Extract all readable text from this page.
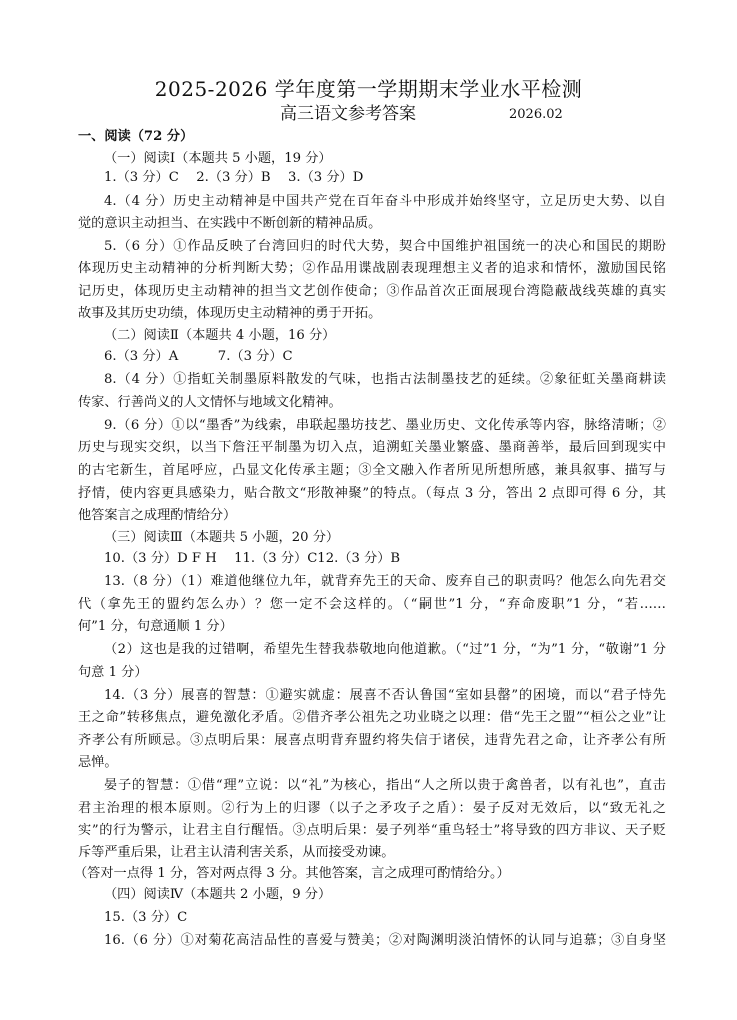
2025-2026 学年度第一学期期末学业水平检测
高三语文参考答案	2026.02
一、阅读（72 分）
（一）阅读Ⅰ（本题共 5 小题，19 分）
1.（3 分）C　 2.（3 分）B　 3.（3 分）D
4.（4 分）历史主动精神是中国共产党在百年奋斗中形成并始终坚守，立足历史大势、以自
觉的意识主动担当、在实践中不断创新的精神品质。
5.（6 分）①作品反映了台湾回归的时代大势，契合中国维护祖国统一的决心和国民的期盼
体现历史主动精神的分析判断大势；②作品用谍战剧表现理想主义者的追求和情怀，激励国民铭
记历史，体现历史主动精神的担当文艺创作使命；③作品首次正面展现台湾隐蔽战线英雄的真实
故事及其历史功绩，体现历史主动精神的勇于开拓。
（二）阅读Ⅱ（本题共 4 小题，16 分）
6.（3 分）A　　　7.（3 分）C
8.（4 分）①指虹关制墨原料散发的气味，也指古法制墨技艺的延续。②象征虹关墨商耕读
传家、行善尚义的人文情怀与地域文化精神。
9.（6 分）①以“墨香”为线索，串联起墨坊技艺、墨业历史、文化传承等内容，脉络清晰；②
历史与现实交织，以当下詹汪平制墨为切入点，追溯虹关墨业繁盛、墨商善举，最后回到现实中
的古宅新生，首尾呼应，凸显文化传承主题；③全文融入作者所见所想所感，兼具叙事、描写与
抒情，使内容更具感染力，贴合散文“形散神聚”的特点。（每点 3 分，答出 2 点即可得 6 分，其
他答案言之成理酌情给分）
（三）阅读Ⅲ（本题共 5 小题，20 分）
10.（3 分）D F H　 11.（3 分）C12.（3 分）B
13.（8 分）（1）难道他继位九年，就背弃先王的天命、废弃自己的职责吗？他怎么向先君交
代（拿先王的盟约怎么办）？您一定不会这样的。（“嗣世”1 分，“弃命废职”1 分，“若……
何”1 分，句意通顺 1 分）
（2）这也是我的过错啊，希望先生替我恭敬地向他道歉。（“过”1 分，“为”1 分，“敬谢”1 分
句意 1 分）
14.（3 分）展喜的智慧：①避实就虚：展喜不否认鲁国“室如县罄”的困境，而以“君子恃先
王之命”转移焦点，避免激化矛盾。②借齐孝公祖先之功业晓之以理：借“先王之盟”“桓公之业”让
齐孝公有所顾忌。③点明后果：展喜点明背弃盟约将失信于诸侯，违背先君之命，让齐孝公有所
忌惮。
晏子的智慧：①借“理”立说：以“礼”为核心，指出“人之所以贵于禽兽者，以有礼也”，直击
君主治理的根本原则。②行为上的归谬（以子之矛攻子之盾）：晏子反对无效后，以“致无礼之
实”的行为警示，让君主自行醒悟。③点明后果：晏子列举“重鸟轻士”将导致的四方非议、天子贬
斥等严重后果，让君主认清利害关系，从而接受劝谏。
（答对一点得 1 分，答对两点得 3 分。其他答案，言之成理可酌情给分。）
（四）阅读Ⅳ（本题共 2 小题，9 分）
15.（3 分）C
16.（6 分）①对菊花高洁品性的喜爱与赞美；②对陶渊明淡泊情怀的认同与追慕；③自身坚
